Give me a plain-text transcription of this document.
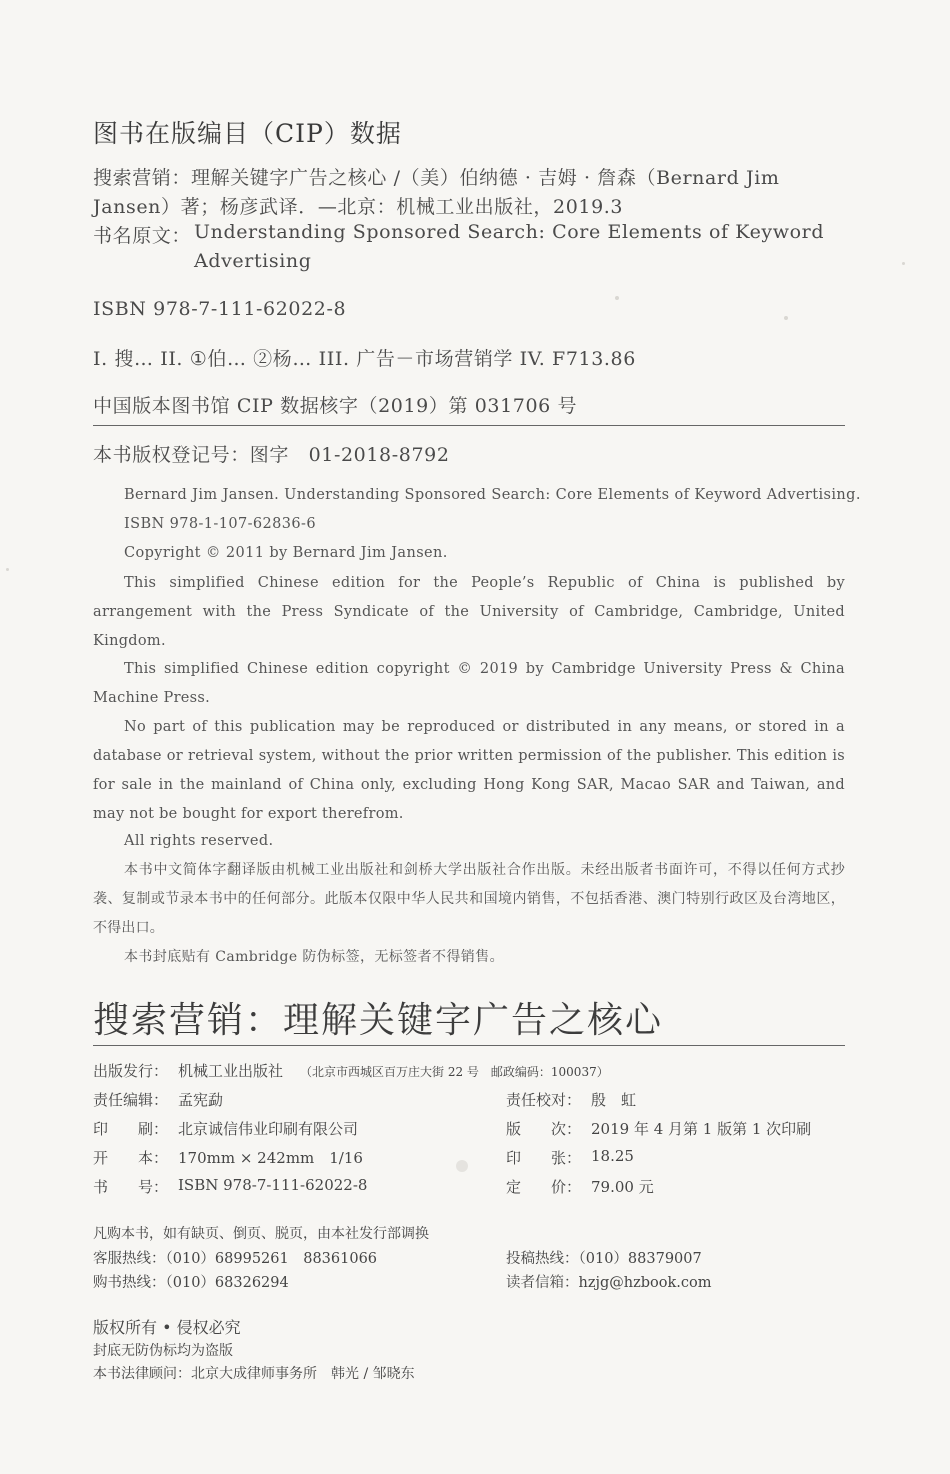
图书在版编目（CIP）数据
搜索营销：理解关键字广告之核心 /（美）伯纳德 · 吉姆 · 詹森（Bernard Jim
Jansen）著；杨彦武译．—北京：机械工业出版社，2019.3
书名原文： Understanding Sponsored Search: Core Elements of Keyword
Advertising
ISBN 978-7-111-62022-8
I. 搜… II. ①伯… ②杨… III. 广告－市场营销学 IV. F713.86
中国版本图书馆 CIP 数据核字（2019）第 031706 号
本书版权登记号：图字　01-2018-8792
Bernard Jim Jansen. Understanding Sponsored Search: Core Elements of Keyword Advertising.
ISBN 978-1-107-62836-6
Copyright © 2011 by Bernard Jim Jansen.
This simplified Chinese edition for the People’s Republic of China is published by arrangement with the Press Syndicate of the University of Cambridge, Cambridge, United Kingdom.
This simplified Chinese edition copyright © 2019 by Cambridge University Press & China Machine Press.
No part of this publication may be reproduced or distributed in any means, or stored in a database or retrieval system, without the prior written permission of the publisher. This edition is for sale in the mainland of China only, excluding Hong Kong SAR, Macao SAR and Taiwan, and may not be bought for export therefrom.
All rights reserved.
本书中文简体字翻译版由机械工业出版社和剑桥大学出版社合作出版。未经出版者书面许可，不得以任何方式抄袭、复制或节录本书中的任何部分。此版本仅限中华人民共和国境内销售，不包括香港、澳门特别行政区及台湾地区，不得出口。
本书封底贴有 Cambridge 防伪标签，无标签者不得销售。
搜索营销：理解关键字广告之核心
出版发行： 机械工业出版社 （北京市西城区百万庄大街 22 号　邮政编码：100037）
责任编辑： 孟宪勐	责任校对： 殷　虹
印　　刷： 北京诚信伟业印刷有限公司	版　　次： 2019 年 4 月第 1 版第 1 次印刷
开　　本： 170mm × 242mm　1/16	印　　张： 18.25
书　　号： ISBN 978-7-111-62022-8	定　　价： 79.00 元
凡购本书，如有缺页、倒页、脱页，由本社发行部调换
客服热线：（010）68995261　88361066	投稿热线：（010）88379007
购书热线：（010）68326294	读者信箱：hzjg@hzbook.com
版权所有 • 侵权必究
封底无防伪标均为盗版
本书法律顾问：北京大成律师事务所　韩光 / 邹晓东
